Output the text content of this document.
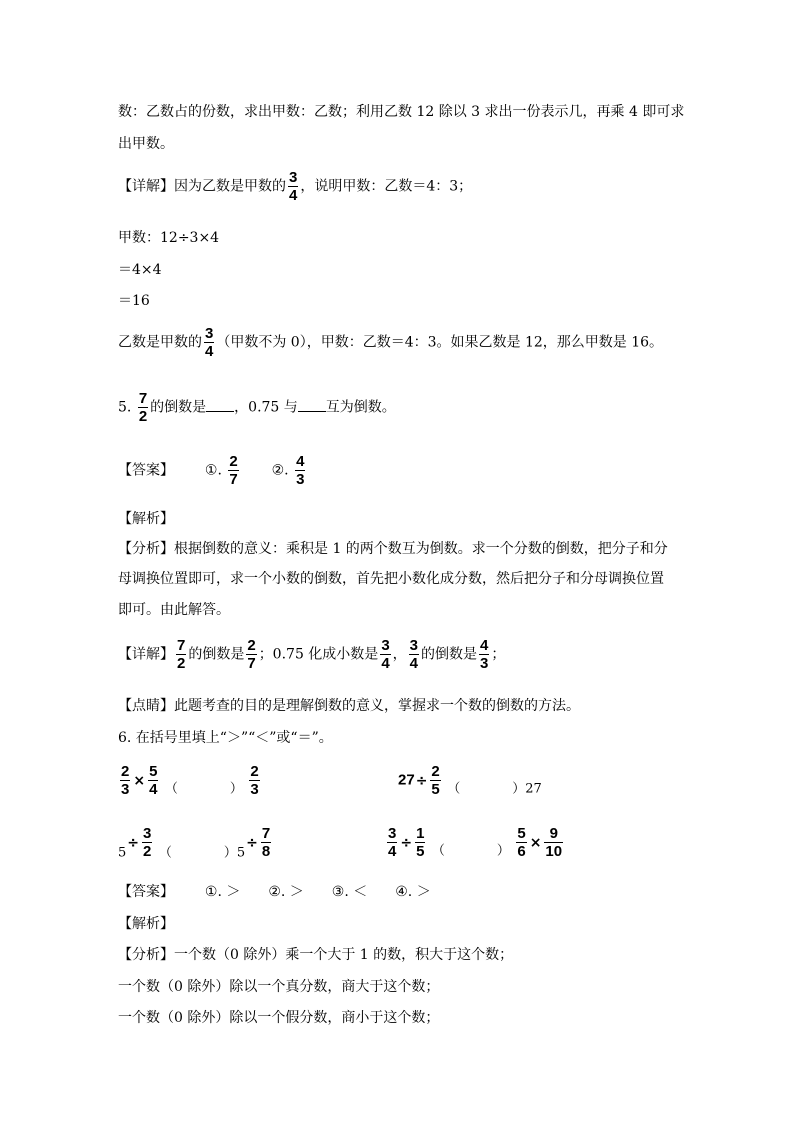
数：乙数占的份数，求出甲数：乙数；利用乙数 12 除以 3 求出一份表示几，再乘 4 即可求
出甲数。
【详解】因为乙数是甲数的 $\frac{3}{4}$ ，说明甲数：乙数＝4：3；
甲数：12÷3×4
＝4×4
＝16
乙数是甲数的 $\frac{3}{4}$ （甲数不为 0），甲数：乙数＝4：3。如果乙数是 12，那么甲数是 16。
5. $\frac{7}{2}$ 的倒数是 ，0.75 与 互为倒数。
【答案】 ①. $\frac{2}{7}$ ②. $\frac{4}{3}$
【解析】
【分析】根据倒数的意义：乘积是 1 的两个数互为倒数。求一个分数的倒数，把分子和分
母调换位置即可，求一个小数的倒数，首先把小数化成分数，然后把分子和分母调换位置
即可。由此解答。
【详解】 $\frac{7}{2}$ 的倒数是 $\frac{2}{7}$ ；0.75 化成小数是 $\frac{3}{4}$ ， $\frac{3}{4}$ 的倒数是 $\frac{4}{3}$ ；
【点睛】此题考查的目的是理解倒数的意义，掌握求一个数的倒数的方法。
6. 在括号里填上“＞”“＜”或“＝”。
$\frac{2}{3} \times \frac{5}{4}$ （　　　　） $\frac{2}{3}$	$27\div \frac{2}{5}$ （　　　　）27
$5\div \frac{3}{2}$ （　　　　）$5\div \frac{7}{8}$	$\frac{3}{4} \div \frac{1}{5}$ （　　　　） $\frac{5}{6} \times \frac{9}{10}$
【答案】 ①. ＞　　②. ＞　　③. ＜　　④. ＞
【解析】
【分析】一个数（0 除外）乘一个大于 1 的数，积大于这个数；
一个数（0 除外）除以一个真分数，商大于这个数；
一个数（0 除外）除以一个假分数，商小于这个数；
